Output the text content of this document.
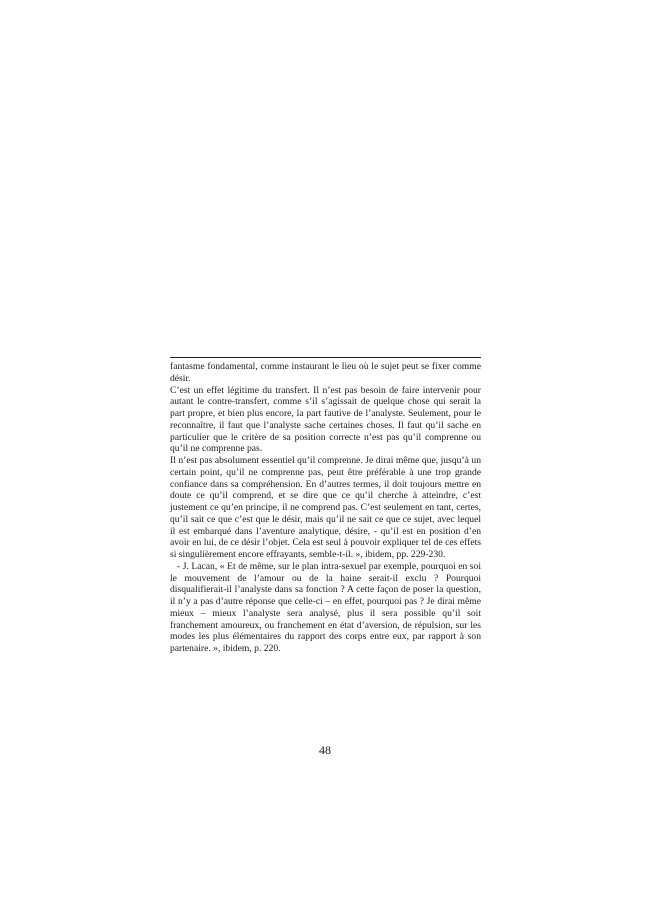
fantasme fondamental, comme instaurant le lieu où le sujet peut se fixer comme désir.

C’est un effet légitime du transfert. Il n’est pas besoin de faire intervenir pour autant le contre-transfert, comme s’il s’agissait de quelque chose qui serait la part propre, et bien plus encore, la part fautive de l’analyste. Seulement, pour le reconnaître, il faut que l’analyste sache certaines choses. Il faut qu’il sache en particulier que le critère de sa position correcte n’est pas qu’il comprenne ou qu’il ne comprenne pas.

Il n’est pas absolument essentiel qu’il comprenne. Je dirai même que, jusqu’à un certain point, qu’il ne comprenne pas, peut être préférable à une trop grande confiance dans sa compréhension. En d’autres termes, il doit toujours mettre en doute ce qu’il comprend, et se dire que ce qu’il cherche à atteindre, c’est justement ce qu’en principe, il ne comprend pas. C’est seulement en tant, certes, qu’il sait ce que c’est que le désir, mais qu’il ne sait ce que ce sujet, avec lequel il est embarqué dans l’aventure analytique, désire, - qu’il est en position d’en avoir en lui, de ce désir l’objet. Cela est seul à pouvoir expliquer tel de ces effets si singulièrement encore effrayants, semble-t-il. », ibidem, pp. 229-230.

- J. Lacan, « Et de même, sur le plan intra-sexuel par exemple, pourquoi en soi le mouvement de l’amour ou de la haine serait-il exclu ? Pourquoi disqualifierait-il l’analyste dans sa fonction ? A cette façon de poser la question, il n’y a pas d’autre réponse que celle-ci – en effet, pourquoi pas ? Je dirai même mieux – mieux l’analyste sera analysé, plus il sera possible qu’il soit franchement amoureux, ou franchement en état d’aversion, de répulsion, sur les modes les plus élémentaires du rapport des corps entre eux, par rapport à son partenaire. », ibidem, p. 220.

48
